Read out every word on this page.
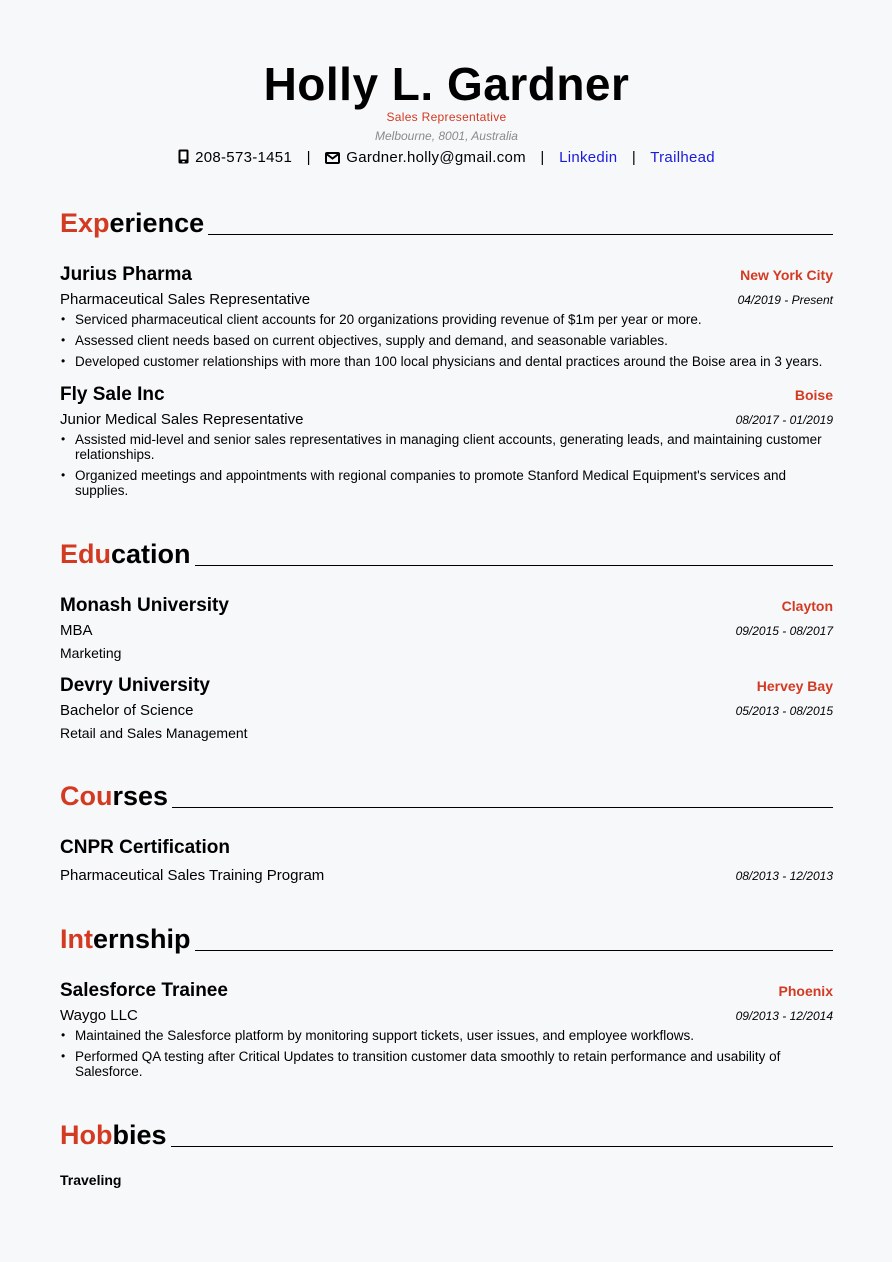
Holly L. Gardner
Sales Representative
Melbourne, 8001, Australia
208-573-1451 | Gardner.holly@gmail.com | Linkedin | Trailhead
Experience
Jurius Pharma	New York City
Pharmaceutical Sales Representative	04/2019 - Present
• Serviced pharmaceutical client accounts for 20 organizations providing revenue of $1m per year or more.
• Assessed client needs based on current objectives, supply and demand, and seasonable variables.
• Developed customer relationships with more than 100 local physicians and dental practices around the Boise area in 3 years.
Fly Sale Inc	Boise
Junior Medical Sales Representative	08/2017 - 01/2019
• Assisted mid-level and senior sales representatives in managing client accounts, generating leads, and maintaining customer relationships.
• Organized meetings and appointments with regional companies to promote Stanford Medical Equipment's services and supplies.
Education
Monash University	Clayton
MBA	09/2015 - 08/2017
Marketing
Devry University	Hervey Bay
Bachelor of Science	05/2013 - 08/2015
Retail and Sales Management
Courses
CNPR Certification
Pharmaceutical Sales Training Program	08/2013 - 12/2013
Internship
Salesforce Trainee	Phoenix
Waygo LLC	09/2013 - 12/2014
• Maintained the Salesforce platform by monitoring support tickets, user issues, and employee workflows.
• Performed QA testing after Critical Updates to transition customer data smoothly to retain performance and usability of Salesforce.
Hobbies
Traveling
